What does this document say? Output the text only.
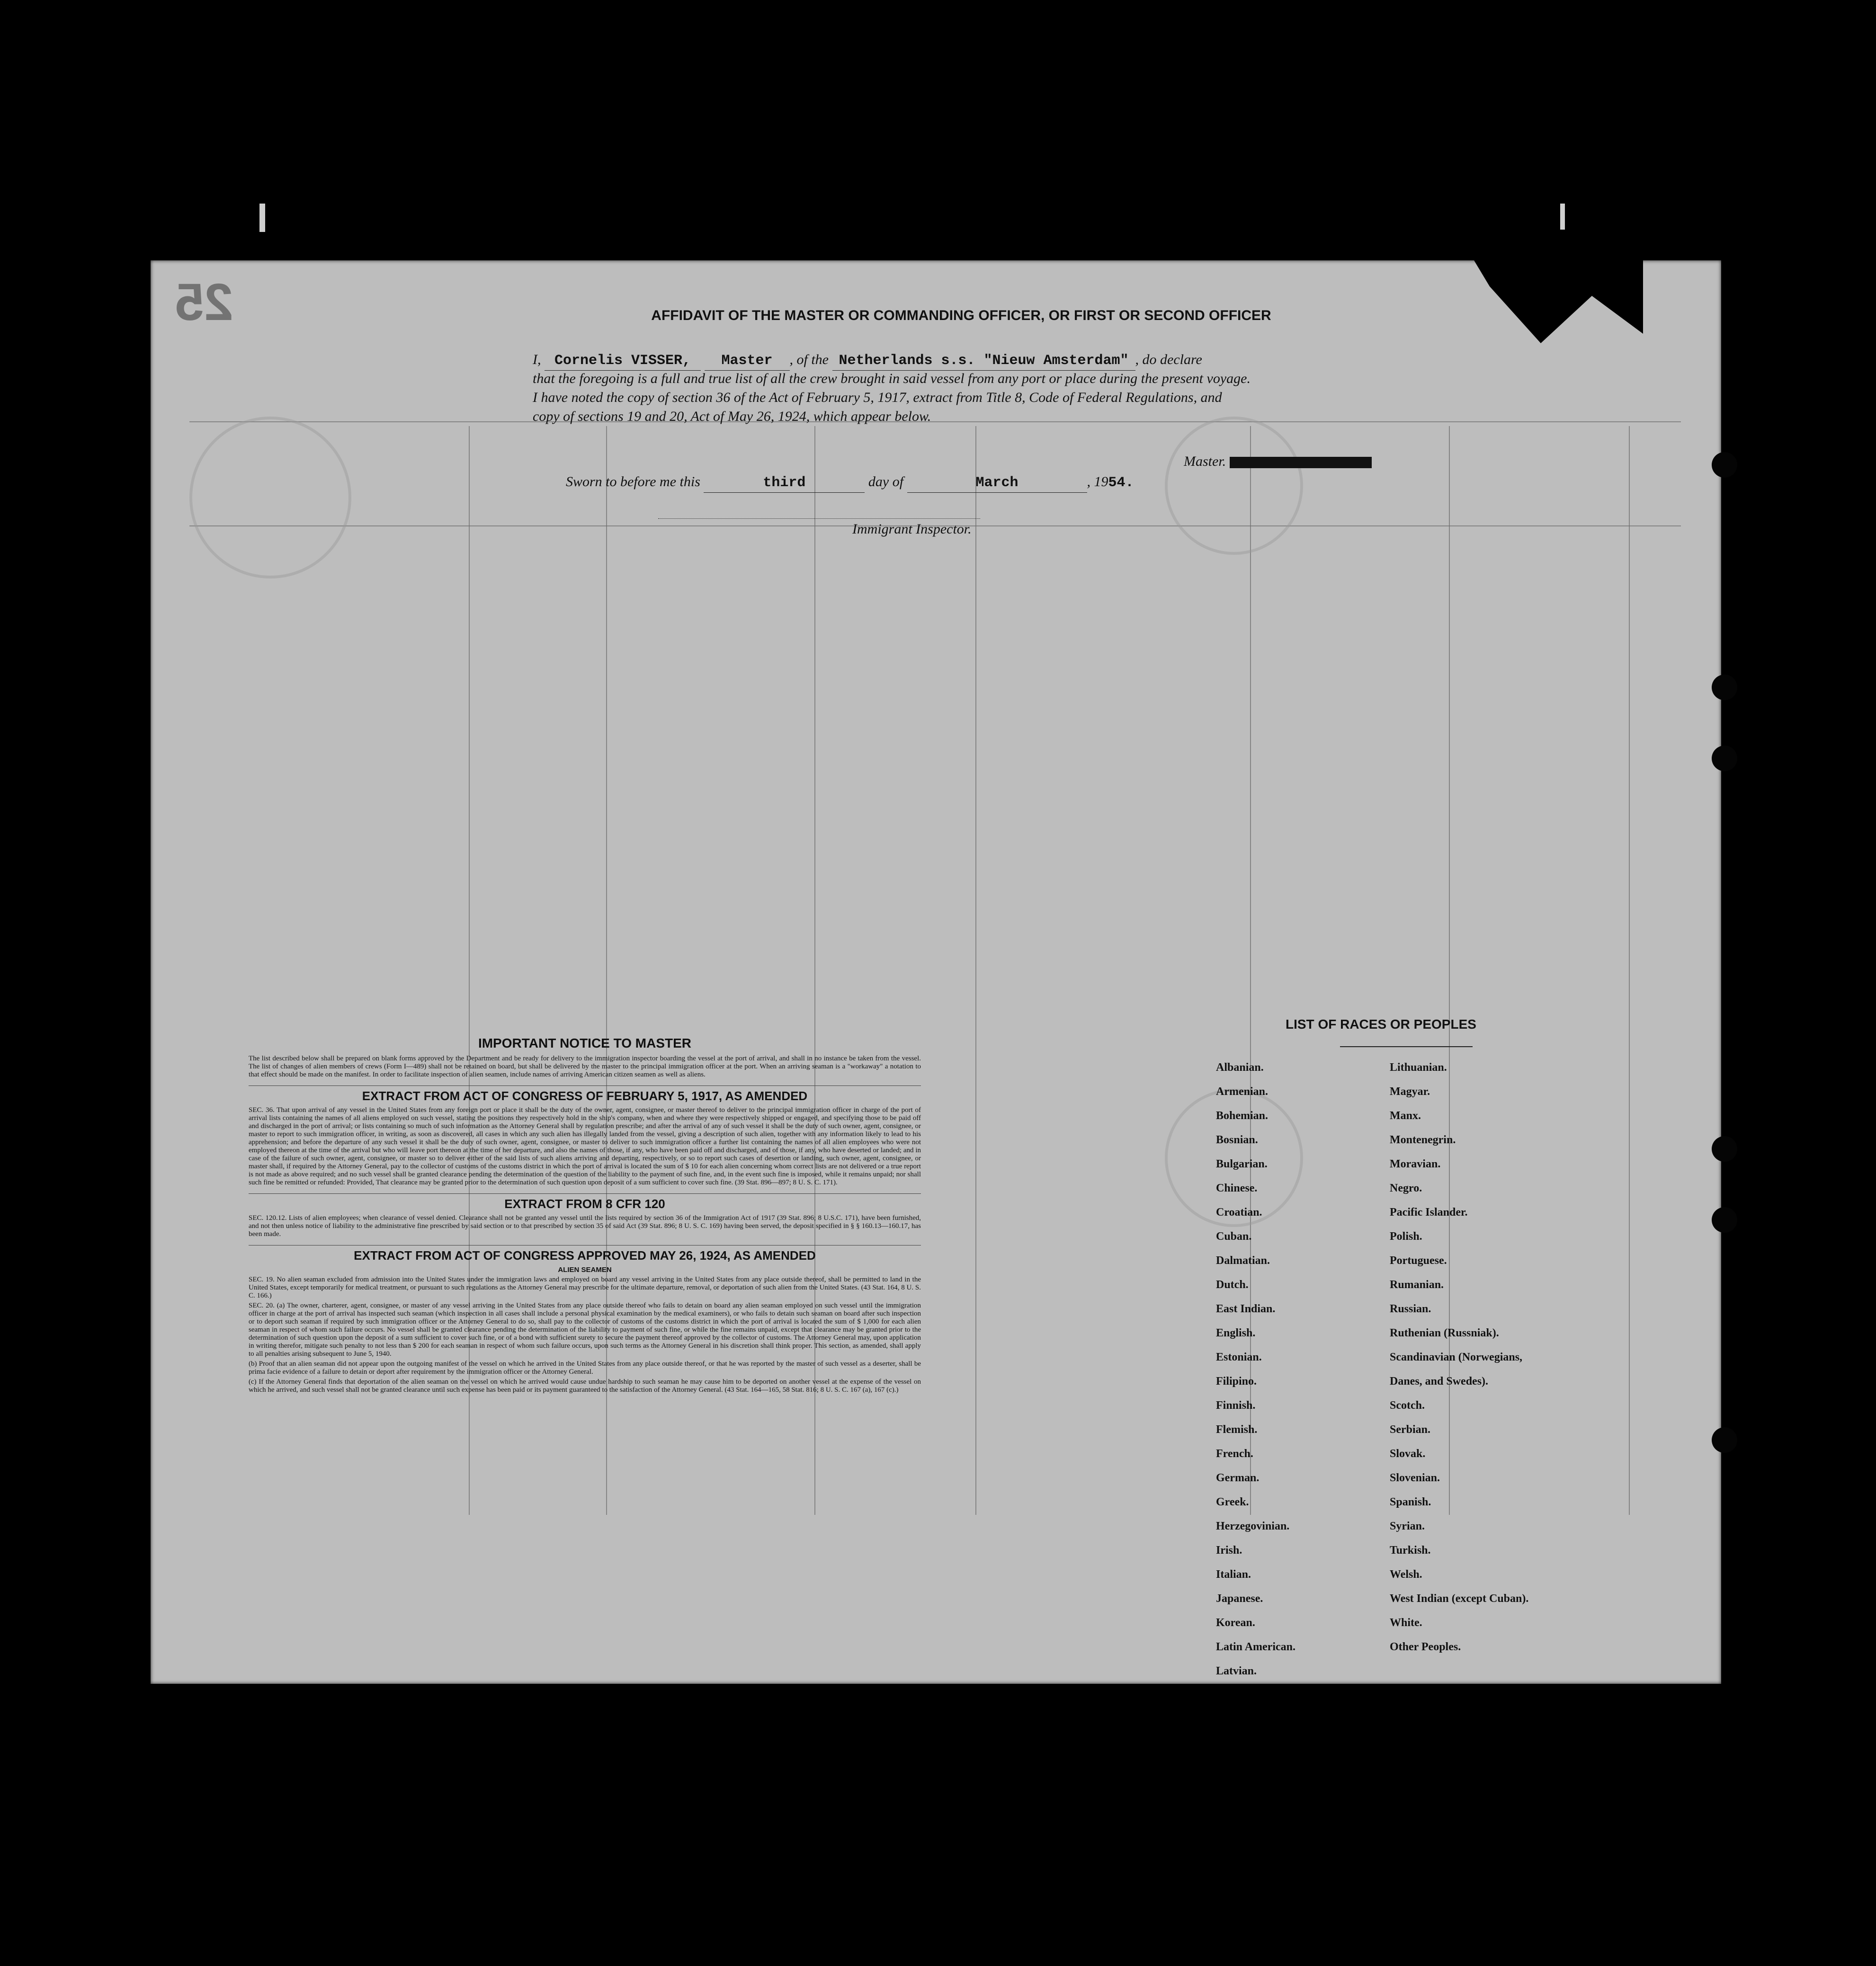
25	AFFIDAVIT OF THE MASTER OR COMMANDING OFFICER, OR FIRST OR SECOND OFFICER
I, Cornelis VISSER, Master , of the Netherlands s.s. "Nieuw Amsterdam" , do declare
that the foregoing is a full and true list of all the crew brought in said vessel from any port or place during the present voyage.
I have noted the copy of section 36 of the Act of February 5, 1917, extract from Title 8, Code of Federal Regulations, and
copy of sections 19 and 20, Act of May 26, 1924, which appear below.
Master.
Sworn to before me this	third	day of	March	, 1954.
Immigrant Inspector.
IMPORTANT NOTICE TO MASTER

The list described below shall be prepared on blank forms approved by the Department and be ready for delivery to the immigration inspector boarding the vessel at the port of arrival, and shall in no instance be taken from the vessel. The list of changes of alien members of crews (Form I—489) shall not be retained on board, but shall be delivered by the master to the principal immigration officer at the port. When an arriving seaman is a "workaway" a notation to that effect should be made on the manifest. In order to facilitate inspection of alien seamen, include names of arriving American citizen seamen as well as aliens.

EXTRACT FROM ACT OF CONGRESS OF FEBRUARY 5, 1917, AS AMENDED

SEC. 36. That upon arrival of any vessel in the United States from any foreign port or place it shall be the duty of the owner, agent, consignee, or master thereof to deliver to the principal immigration officer in charge of the port of arrival lists containing the names of all aliens employed on such vessel, stating the positions they respectively hold in the ship's company, when and where they were respectively shipped or engaged, and specifying those to be paid off and discharged in the port of arrival; or lists containing so much of such information as the Attorney General shall by regulation prescribe; and after the arrival of any of such vessel it shall be the duty of such owner, agent, consignee, or master to report to such immigration officer, in writing, as soon as discovered, all cases in which any such alien has illegally landed from the vessel, giving a description of such alien, together with any information likely to lead to his apprehension; and before the departure of any such vessel it shall be the duty of such owner, agent, consignee, or master to deliver to such immigration officer a further list containing the names of all alien employees who were not employed thereon at the time of the arrival but who will leave port thereon at the time of her departure, and also the names of those, if any, who have been paid off and discharged, and of those, if any, who have deserted or landed; and in case of the failure of such owner, agent, consignee, or master so to deliver either of the said lists of such aliens arriving and departing, respectively, or so to report such cases of desertion or landing, such owner, agent, consignee, or master shall, if required by the Attorney General, pay to the collector of customs of the customs district in which the port of arrival is located the sum of $ 10 for each alien concerning whom correct lists are not delivered or a true report is not made as above required; and no such vessel shall be granted clearance pending the determination of the question of the liability to the payment of such fine, and, in the event such fine is imposed, while it remains unpaid; nor shall such fine be remitted or refunded: Provided, That clearance may be granted prior to the determination of such question upon deposit of a sum sufficient to cover such fine. (39 Stat. 896—897; 8 U. S. C. 171).

EXTRACT FROM 8 CFR 120

SEC. 120.12. Lists of alien employees; when clearance of vessel denied. Clearance shall not be granted any vessel until the lists required by section 36 of the Immigration Act of 1917 (39 Stat. 896; 8 U.S.C. 171), have been furnished, and not then unless notice of liability to the administrative fine prescribed by said section or to that prescribed by section 35 of said Act (39 Stat. 896; 8 U. S. C. 169) having been served, the deposit specified in § § 160.13—160.17, has been made.

EXTRACT FROM ACT OF CONGRESS APPROVED MAY 26, 1924, AS AMENDED
ALIEN SEAMEN

SEC. 19. No alien seaman excluded from admission into the United States under the immigration laws and employed on board any vessel arriving in the United States from any place outside thereof, shall be permitted to land in the United States, except temporarily for medical treatment, or pursuant to such regulations as the Attorney General may prescribe for the ultimate departure, removal, or deportation of such alien from the United States. (43 Stat. 164, 8 U. S. C. 166.)

SEC. 20. (a) The owner, charterer, agent, consignee, or master of any vessel arriving in the United States from any place outside thereof who fails to detain on board any alien seaman employed on such vessel until the immigration officer in charge at the port of arrival has inspected such seaman (which inspection in all cases shall include a personal physical examination by the medical examiners), or who fails to detain such seaman on board after such inspection or to deport such seaman if required by such immigration officer or the Attorney General to do so, shall pay to the collector of customs of the customs district in which the port of arrival is located the sum of $ 1,000 for each alien seaman in respect of whom such failure occurs. No vessel shall be granted clearance pending the determination of the liability to payment of such fine, or while the fine remains unpaid, except that clearance may be granted prior to the determination of such question upon the deposit of a sum sufficient to cover such fine, or of a bond with sufficient surety to secure the payment thereof approved by the collector of customs. The Attorney General may, upon application in writing therefor, mitigate such penalty to not less than $ 200 for each seaman in respect of whom such failure occurs, upon such terms as the Attorney General in his discretion shall think proper. This section, as amended, shall apply to all penalties arising subsequent to June 5, 1940.

(b) Proof that an alien seaman did not appear upon the outgoing manifest of the vessel on which he arrived in the United States from any place outside thereof, or that he was reported by the master of such vessel as a deserter, shall be prima facie evidence of a failure to detain or deport after requirement by the immigration officer or the Attorney General.

(c) If the Attorney General finds that deportation of the alien seaman on the vessel on which he arrived would cause undue hardship to such seaman he may cause him to be deported on another vessel at the expense of the vessel on which he arrived, and such vessel shall not be granted clearance until such expense has been paid or its payment guaranteed to the satisfaction of the Attorney General. (43 Stat. 164—165, 58 Stat. 816; 8 U. S. C. 167 (a), 167 (c).)

LIST OF RACES OR PEOPLES
Albanian.
Armenian.
Bohemian.
Bosnian.
Bulgarian.
Chinese.
Croatian.
Cuban.
Dalmatian.
Dutch.
East Indian.
English.
Estonian.
Filipino.
Finnish.
Flemish.
French.
German.
Greek.
Herzegovinian.
Irish.
Italian.
Japanese.
Korean.
Latin American.
Latvian.
Lithuanian.
Magyar.
Manx.
Montenegrin.
Moravian.
Negro.
Pacific Islander.
Polish.
Portuguese.
Rumanian.
Russian.
Ruthenian (Russniak).
Scandinavian (Norwegians,
Danes, and Swedes).
Scotch.
Serbian.
Slovak.
Slovenian.
Spanish.
Syrian.
Turkish.
Welsh.
West Indian (except Cuban).
White.
Other Peoples.
